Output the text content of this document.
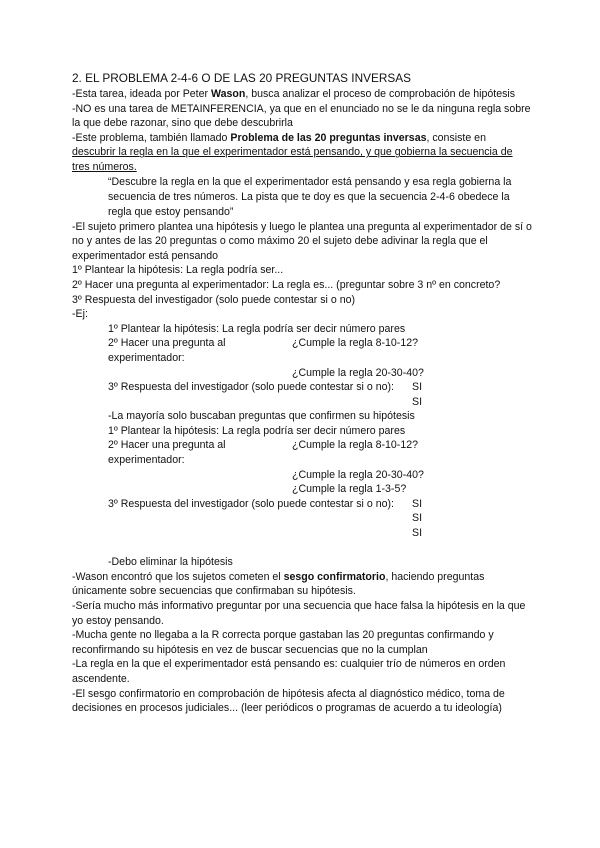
2. EL PROBLEMA 2-4-6 O DE LAS 20 PREGUNTAS INVERSAS

-Esta tarea, ideada por Peter Wason, busca analizar el proceso de comprobación de hipótesis

-NO es una tarea de METAINFERENCIA, ya que en el enunciado no se le da ninguna regla sobre la que debe razonar, sino que debe descubrirla

-Este problema, también llamado Problema de las 20 preguntas inversas, consiste en descubrir la regla en la que el experimentador está pensando, y que gobierna la secuencia de tres números.

“Descubre la regla en la que el experimentador está pensando y esa regla gobierna la secuencia de tres números. La pista que te doy es que la secuencia 2-4-6 obedece la regla que estoy pensando”

-El sujeto primero plantea una hipótesis y luego le plantea una pregunta al experimentador de sí o no y antes de las 20 preguntas o como máximo 20 el sujeto debe adivinar la regla que el experimentador está pensando

1º Plantear la hipótesis: La regla podría ser...

2º Hacer una pregunta al experimentador: La regla es... (preguntar sobre 3 nº en concreto?

3º Respuesta del investigador (solo puede contestar si o no)

-Ej:

1º Plantear la hipótesis: La regla podría ser decir número pares

2º Hacer una pregunta al experimentador:
¿Cumple la regla 8-10-12?
¿Cumple la regla 20-30-40?
3º Respuesta del investigador (solo puede contestar si o no):	SI
SI

-La mayoría solo buscaban preguntas que confirmen su hipótesis

1º Plantear la hipótesis: La regla podría ser decir número pares

2º Hacer una pregunta al experimentador:
¿Cumple la regla 8-10-12?
¿Cumple la regla 20-30-40?
¿Cumple la regla 1-3-5?
3º Respuesta del investigador (solo puede contestar si o no):	SI
SI
SI

-Debo eliminar la hipótesis

-Wason encontró que los sujetos cometen el sesgo confirmatorio, haciendo preguntas únicamente sobre secuencias que confirmaban su hipótesis.

-Sería mucho más informativo preguntar por una secuencia que hace falsa la hipótesis en la que yo estoy pensando.

-Mucha gente no llegaba a la R correcta porque gastaban las 20 preguntas confirmando y reconfirmando su hipótesis en vez de buscar secuencias que no la cumplan

-La regla en la que el experimentador está pensando es: cualquier trío de números en orden ascendente.

-El sesgo confirmatorio en comprobación de hipótesis afecta al diagnóstico médico, toma de decisiones en procesos judiciales... (leer periódicos o programas de acuerdo a tu ideología)
